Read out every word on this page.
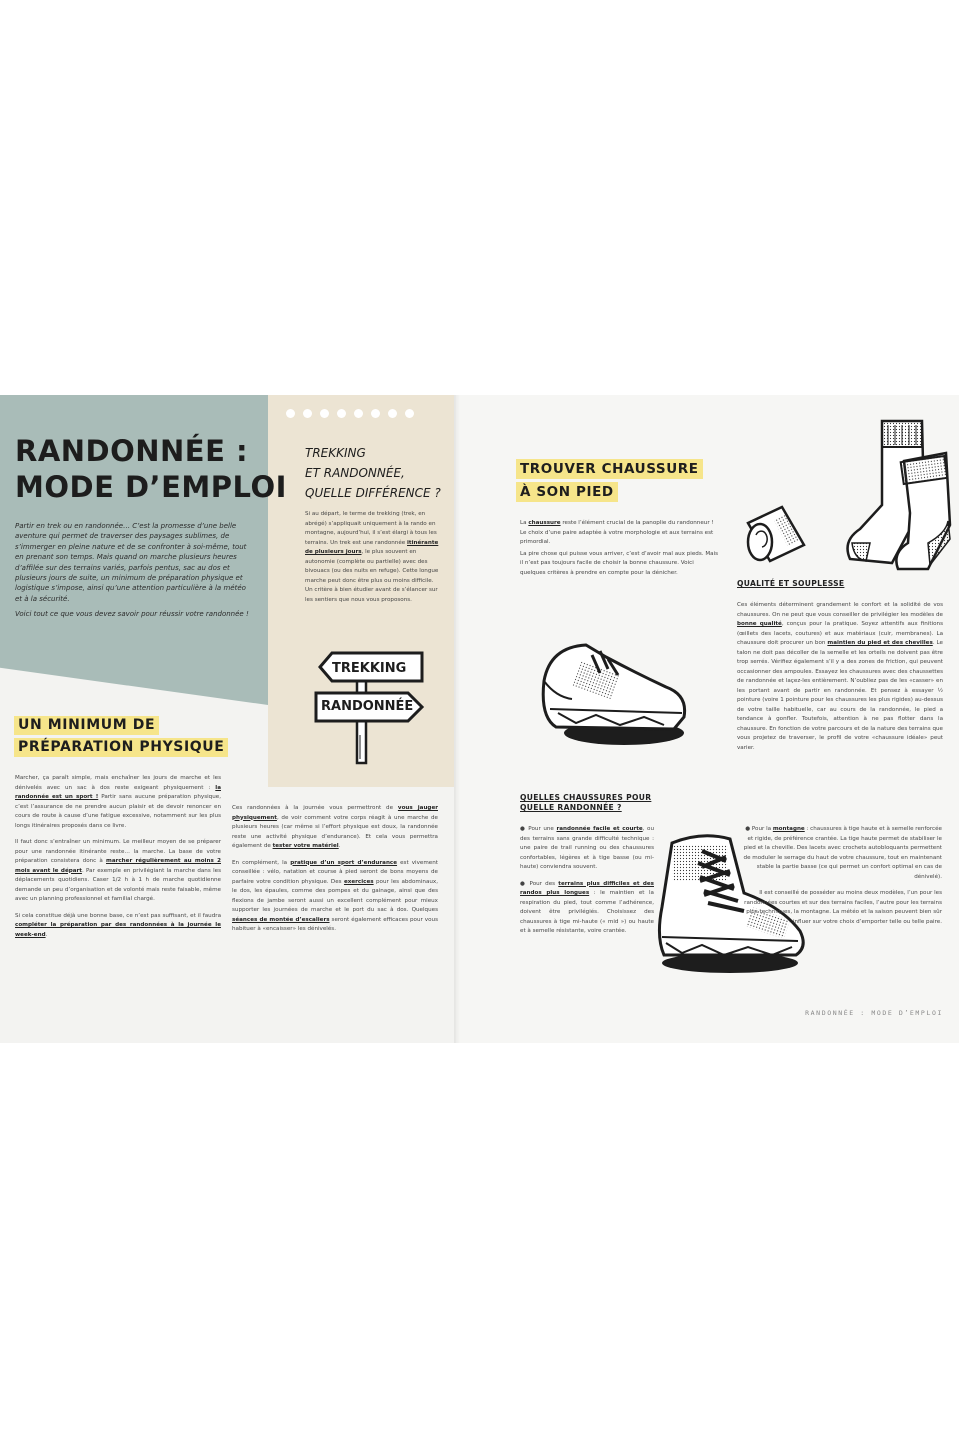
RANDONNÉE :
MODE D’EMPLOI

Partir en trek ou en randonnée… C’est la promesse d’une belle aventure qui permet de traverser des paysages sublimes, de s’immerger en pleine nature et de se confronter à soi-même, tout en prenant son temps. Mais quand on marche plusieurs heures d’affilée sur des terrains variés, parfois pentus, sac au dos et plusieurs jours de suite, un minimum de préparation physique et logistique s’impose, ainsi qu’une attention particulière à la météo et à la sécurité.

Voici tout ce que vous devez savoir pour réussir votre randonnée !

TREKKING
ET RANDONNÉE,
QUELLE DIFFÉRENCE ?

Si au départ, le terme de trekking (trek, en abrégé) s’appliquait uniquement à la rando en montagne, aujourd’hui, il s’est élargi à tous les terrains. Un trek est une randonnée itinérante de plusieurs jours, le plus souvent en autonomie (complète ou partielle) avec des bivouacs (ou des nuits en refuge). Cette longue marche peut donc être plus ou moins difficile. Un critère à bien étudier avant de s’élancer sur les sentiers que nous vous proposons.

TREKKING
RANDONNÉE
UN MINIMUM DE
PRÉPARATION PHYSIQUE

Marcher, ça paraît simple, mais enchaîner les jours de marche et les dénivelés avec un sac à dos reste exigeant physiquement : la randonnée est un sport ! Partir sans aucune préparation physique, c’est l’assurance de ne prendre aucun plaisir et de devoir renoncer en cours de route à cause d’une fatigue excessive, notamment sur les plus longs itinéraires proposés dans ce livre.

Il faut donc s’entraîner un minimum. Le meilleur moyen de se préparer pour une randonnée itinérante reste… la marche. La base de votre préparation consistera donc à marcher régulièrement au moins 2 mois avant le départ. Par exemple en privilégiant la marche dans les déplacements quotidiens. Caser 1/2 h à 1 h de marche quotidienne demande un peu d’organisation et de volonté mais reste faisable, même avec un planning professionnel et familial chargé.

Si cela constitue déjà une bonne base, ce n’est pas suffisant, et il faudra compléter la préparation par des randonnées à la journée le week-end.

Ces randonnées à la journée vous permettront de vous jauger physiquement, de voir comment votre corps réagit à une marche de plusieurs heures (car même si l’effort physique est doux, la randonnée reste une activité physique d’endurance). Et cela vous permettra également de tester votre matériel.

En complément, la pratique d’un sport d’endurance est vivement conseillée : vélo, natation et course à pied seront de bons moyens de parfaire votre condition physique. Des exercices pour les abdominaux, le dos, les épaules, comme des pompes et du gainage, ainsi que des flexions de jambe seront aussi un excellent complément pour mieux supporter les journées de marche et le port du sac à dos. Quelques séances de montée d’escaliers seront également efficaces pour vous habituer à «encaisser» les dénivelés.

TROUVER CHAUSSURE
À SON PIED

La chaussure reste l’élément crucial de la panoplie du randonneur ! Le choix d’une paire adaptée à votre morphologie et aux terrains est primordial.

La pire chose qui puisse vous arriver, c’est d’avoir mal aux pieds. Mais il n’est pas toujours facile de choisir la bonne chaussure. Voici quelques critères à prendre en compte pour la dénicher.

QUALITÉ ET SOUPLESSE

Ces éléments déterminent grandement le confort et la solidité de vos chaussures. On ne peut que vous conseiller de privilégier les modèles de bonne qualité, conçus pour la pratique. Soyez attentifs aux finitions (œillets des lacets, coutures) et aux matériaux (cuir, membranes). La chaussure doit procurer un bon maintien du pied et des chevilles. Le talon ne doit pas décoller de la semelle et les orteils ne doivent pas être trop serrés. Vérifiez également s’il y a des zones de friction, qui peuvent occasionner des ampoules. Essayez les chaussures avec des chaussettes de randonnée et laçez-les entièrement. N’oubliez pas de les «casser» en les portant avant de partir en randonnée. Et pensez à essayer ½ pointure (voire 1 pointure pour les chaussures les plus rigides) au-dessus de votre taille habituelle, car au cours de la randonnée, le pied a tendance à gonfler. Toutefois, attention à ne pas flotter dans la chaussure. En fonction de votre parcours et de la nature des terrains que vous projetez de traverser, le profil de votre «chaussure idéale» peut varier.

QUELLES CHAUSSURES POUR
QUELLE RANDONNÉE ?

● Pour une randonnée facile et courte, ou des terrains sans grande difficulté technique : une paire de trail running ou des chaussures confortables, légères et à tige basse (ou mi-haute) conviendra souvent.

● Pour des terrains plus difficiles et des randos plus longues : le maintien et la respiration du pied, tout comme l’adhérence, doivent être privilégiés. Choisissez des chaussures à tige mi-haute (« mid ») ou haute et à semelle résistante, voire crantée.

● Pour la montagne : chaussures à tige haute et à semelle renforcée et rigide, de préférence crantée. La tige haute permet de stabiliser le pied et la cheville. Des lacets avec crochets autobloquants permettent de moduler le serrage du haut de votre chaussure, tout en maintenant stable la partie basse (ce qui permet un confort optimal en cas de dénivelé).

Il est conseillé de posséder au moins deux modèles, l’un pour les randonnées courtes et sur des terrains faciles, l’autre pour les terrains plus techniques, la montagne. La météo et la saison peuvent bien sûr influer sur votre choix d’emporter telle ou telle paire.

RANDONNÉE : MODE D’EMPLOI
